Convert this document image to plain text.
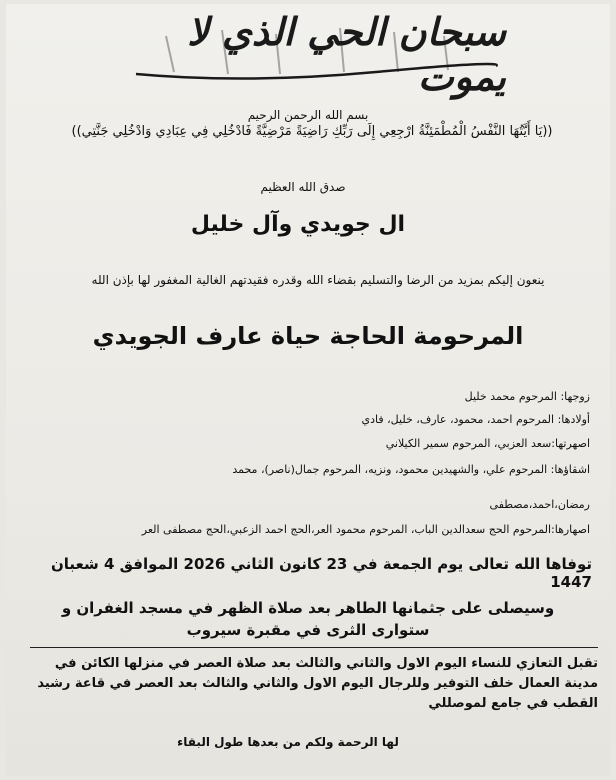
سبحان الحي الذي لا يموت
بسم الله الرحمن الرحيم
((يَا أَيَّتُهَا النَّفْسُ الْمُطْمَئِنَّةُ ارْجِعِي إِلَى رَبِّكِ رَاضِيَةً مَرْضِيَّةً فَادْخُلِي فِي عِبَادِي وَادْخُلِي جَنَّتِي))
صدق الله العظيم
ال جويدي وآل خليل
ينعون إليكم بمزيد من الرضا والتسليم بقضاء الله وقدره فقيدتهم الغالية المغفور لها بإذن الله
المرحومة الحاجة حياة عارف الجويدي
زوجها: المرحوم محمد خليل
أولادها: المرحوم احمد، محمود، عارف، خليل، فادي
اصهرتها:سعد العزبي، المرحوم سمير الكيلاني
اشقاؤها: المرحوم علي، والشهيدين محمود، ونزيه، المرحوم جمال(ناصر)، محمد
رمضان،احمد،مصطفى
اصهارها:المرحوم الحج سعدالدين الباب، المرحوم محمود العر،الحج احمد الزعبي،الحج مصطفى العر
توفاها الله تعالى يوم الجمعة في 23 كانون الثاني 2026 الموافق 4 شعبان 1447
وسيصلى على جثمانها الطاهر بعد صلاة الظهر في مسجد الغفران و ستوارى الثرى في مقبرة سيروب
تقبل التعازي للنساء اليوم الاول والثاني والثالث بعد صلاة العصر في منزلها الكائن في مدينة العمال خلف التوفير وللرجال اليوم الاول والثاني والثالث بعد العصر في قاعة رشيد القطب في جامع لموصللي
لها الرحمة ولكم من بعدها طول البقاء
